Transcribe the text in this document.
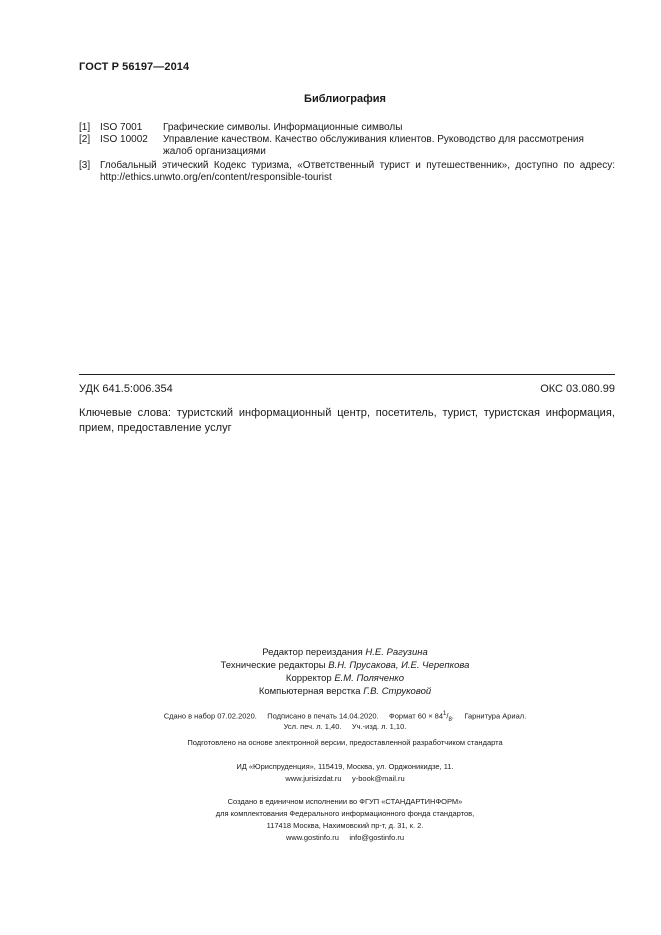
ГОСТ Р 56197—2014
Библиография
[1] ISO 7001 Графические символы. Информационные символы
[2] ISO 10002 Управление качеством. Качество обслуживания клиентов. Руководство для рассмотрения жалоб организациями
[3] Глобальный этический Кодекс туризма, «Ответственный турист и путешественник», доступно по адресу: http://ethics.unwto.org/en/content/responsible-tourist
УДК 641.5:006.354	ОКС 03.080.99
Ключевые слова: туристский информационный центр, посетитель, турист, туристская информация, прием, предоставление услуг
Редактор переиздания Н.Е. Рагузина
Технические редакторы В.Н. Прусакова, И.Е. Черепкова
Корректор Е.М. Поляченко
Компьютерная верстка Г.В. Струковой
Сдано в набор 07.02.2020. Подписано в печать 14.04.2020. Формат $60 \times 84^1/_8$. Гарнитура Ариал.
Усл. печ. л. 1,40. Уч.-изд. л. 1,10.
Подготовлено на основе электронной версии, предоставленной разработчиком стандарта
ИД «Юриспруденция», 115419, Москва, ул. Орджоникидзе, 11.
www.jurisizdat.ru y-book@mail.ru
Создано в единичном исполнении во ФГУП «СТАНДАРТИНФОРМ»
для комплектования Федерального информационного фонда стандартов,
117418 Москва, Нахимовский пр-т, д. 31, к. 2.
www.gostinfo.ru info@gostinfo.ru
